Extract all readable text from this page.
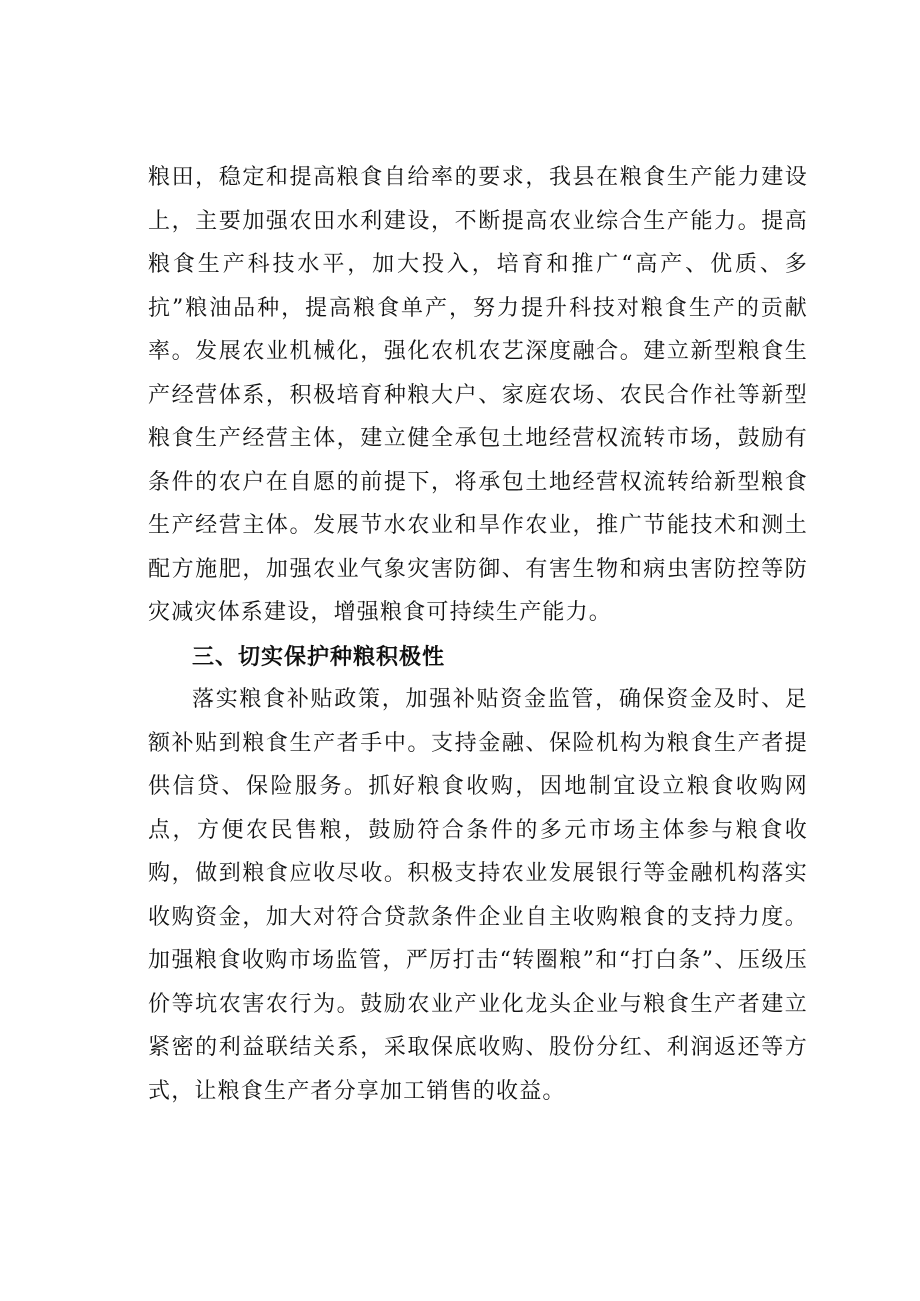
粮田，稳定和提高粮食自给率的要求，我县在粮食生产能力建设上，主要加强农田水利建设，不断提高农业综合生产能力。提高粮食生产科技水平，加大投入，培育和推广“高产、优质、多抗”粮油品种，提高粮食单产，努力提升科技对粮食生产的贡献率。发展农业机械化，强化农机农艺深度融合。建立新型粮食生产经营体系，积极培育种粮大户、家庭农场、农民合作社等新型粮食生产经营主体，建立健全承包土地经营权流转市场，鼓励有条件的农户在自愿的前提下，将承包土地经营权流转给新型粮食生产经营主体。发展节水农业和旱作农业，推广节能技术和测土配方施肥，加强农业气象灾害防御、有害生物和病虫害防控等防灾减灾体系建设，增强粮食可持续生产能力。

三、切实保护种粮积极性

落实粮食补贴政策，加强补贴资金监管，确保资金及时、足额补贴到粮食生产者手中。支持金融、保险机构为粮食生产者提供信贷、保险服务。抓好粮食收购，因地制宜设立粮食收购网点，方便农民售粮，鼓励符合条件的多元市场主体参与粮食收购，做到粮食应收尽收。积极支持农业发展银行等金融机构落实收购资金，加大对符合贷款条件企业自主收购粮食的支持力度。加强粮食收购市场监管，严厉打击“转圈粮”和“打白条”、压级压价等坑农害农行为。鼓励农业产业化龙头企业与粮食生产者建立紧密的利益联结关系，采取保底收购、股份分红、利润返还等方式，让粮食生产者分享加工销售的收益。
